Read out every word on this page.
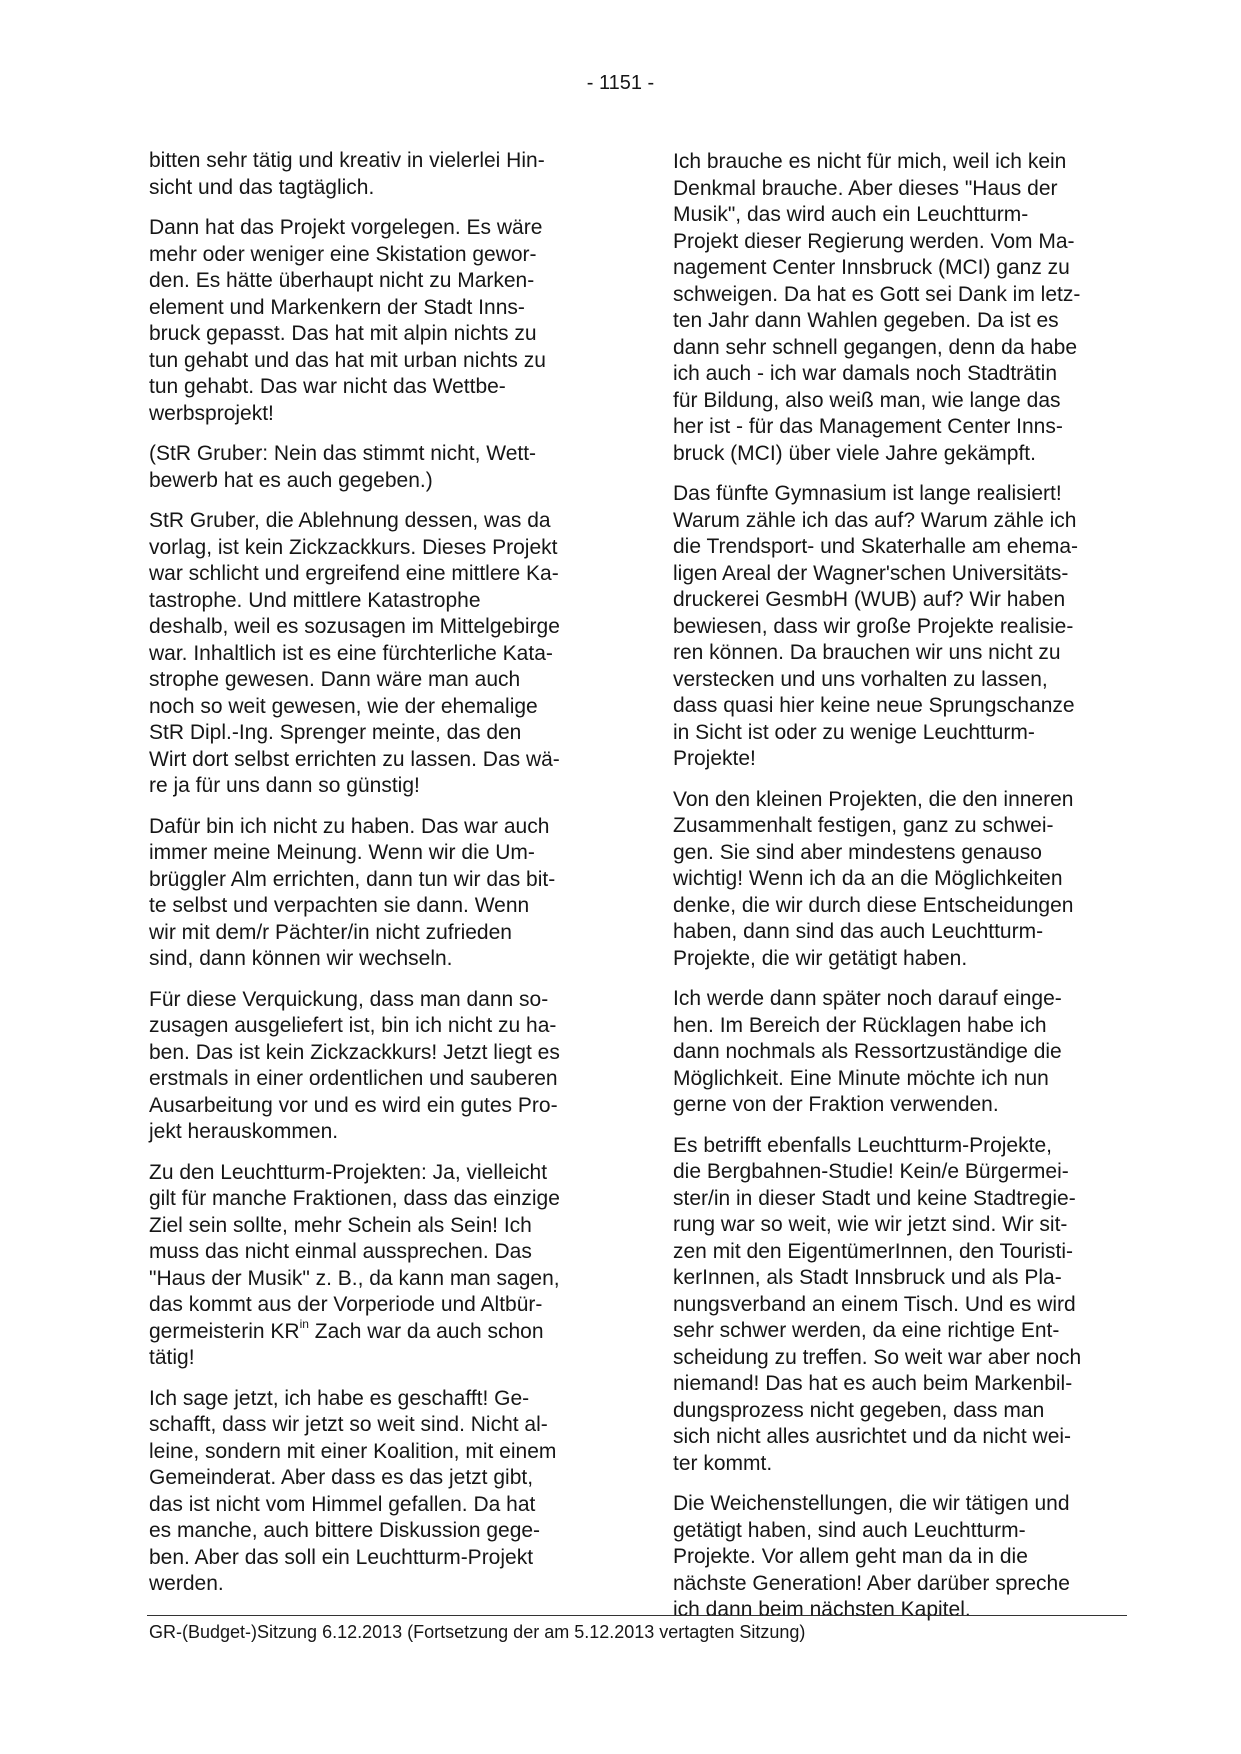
- 1151 -

bitten sehr tätig und kreativ in vielerlei Hin-
sicht und das tagtäglich.

Dann hat das Projekt vorgelegen. Es wäre
mehr oder weniger eine Skistation gewor-
den. Es hätte überhaupt nicht zu Marken-
element und Markenkern der Stadt Inns-
bruck gepasst. Das hat mit alpin nichts zu
tun gehabt und das hat mit urban nichts zu
tun gehabt. Das war nicht das Wettbe-
werbsprojekt!

(StR Gruber: Nein das stimmt nicht, Wett-
bewerb hat es auch gegeben.)

StR Gruber, die Ablehnung dessen, was da
vorlag, ist kein Zickzackkurs. Dieses Projekt
war schlicht und ergreifend eine mittlere Ka-
tastrophe. Und mittlere Katastrophe
deshalb, weil es sozusagen im Mittelgebirge
war. Inhaltlich ist es eine fürchterliche Kata-
strophe gewesen. Dann wäre man auch
noch so weit gewesen, wie der ehemalige
StR Dipl.-Ing. Sprenger meinte, das den
Wirt dort selbst errichten zu lassen. Das wä-
re ja für uns dann so günstig!

Dafür bin ich nicht zu haben. Das war auch
immer meine Meinung. Wenn wir die Um-
brüggler Alm errichten, dann tun wir das bit-
te selbst und verpachten sie dann. Wenn
wir mit dem/r Pächter/in nicht zufrieden
sind, dann können wir wechseln.

Für diese Verquickung, dass man dann so-
zusagen ausgeliefert ist, bin ich nicht zu ha-
ben. Das ist kein Zickzackkurs! Jetzt liegt es
erstmals in einer ordentlichen und sauberen
Ausarbeitung vor und es wird ein gutes Pro-
jekt herauskommen.

Zu den Leuchtturm-Projekten: Ja, vielleicht
gilt für manche Fraktionen, dass das einzige
Ziel sein sollte, mehr Schein als Sein! Ich
muss das nicht einmal aussprechen. Das
"Haus der Musik" z. B., da kann man sagen,
das kommt aus der Vorperiode und Altbür-
germeisterin $KR^{in}$ Zach war da auch schon
tätig!

Ich sage jetzt, ich habe es geschafft! Ge-
schafft, dass wir jetzt so weit sind. Nicht al-
leine, sondern mit einer Koalition, mit einem
Gemeinderat. Aber dass es das jetzt gibt,
das ist nicht vom Himmel gefallen. Da hat
es manche, auch bittere Diskussion gege-
ben. Aber das soll ein Leuchtturm-Projekt
werden.

Ich brauche es nicht für mich, weil ich kein
Denkmal brauche. Aber dieses "Haus der
Musik", das wird auch ein Leuchtturm-
Projekt dieser Regierung werden. Vom Ma-
nagement Center Innsbruck (MCI) ganz zu
schweigen. Da hat es Gott sei Dank im letz-
ten Jahr dann Wahlen gegeben. Da ist es
dann sehr schnell gegangen, denn da habe
ich auch - ich war damals noch Stadträtin
für Bildung, also weiß man, wie lange das
her ist - für das Management Center Inns-
bruck (MCI) über viele Jahre gekämpft.

Das fünfte Gymnasium ist lange realisiert!
Warum zähle ich das auf? Warum zähle ich
die Trendsport- und Skaterhalle am ehema-
ligen Areal der Wagner'schen Universitäts-
druckerei GesmbH (WUB) auf? Wir haben
bewiesen, dass wir große Projekte realisie-
ren können. Da brauchen wir uns nicht zu
verstecken und uns vorhalten zu lassen,
dass quasi hier keine neue Sprungschanze
in Sicht ist oder zu wenige Leuchtturm-
Projekte!

Von den kleinen Projekten, die den inneren
Zusammenhalt festigen, ganz zu schwei-
gen. Sie sind aber mindestens genauso
wichtig! Wenn ich da an die Möglichkeiten
denke, die wir durch diese Entscheidungen
haben, dann sind das auch Leuchtturm-
Projekte, die wir getätigt haben.

Ich werde dann später noch darauf einge-
hen. Im Bereich der Rücklagen habe ich
dann nochmals als Ressortzuständige die
Möglichkeit. Eine Minute möchte ich nun
gerne von der Fraktion verwenden.

Es betrifft ebenfalls Leuchtturm-Projekte,
die Bergbahnen-Studie! Kein/e Bürgermei-
ster/in in dieser Stadt und keine Stadtregie-
rung war so weit, wie wir jetzt sind. Wir sit-
zen mit den EigentümerInnen, den Touristi-
kerInnen, als Stadt Innsbruck und als Pla-
nungsverband an einem Tisch. Und es wird
sehr schwer werden, da eine richtige Ent-
scheidung zu treffen. So weit war aber noch
niemand! Das hat es auch beim Markenbil-
dungsprozess nicht gegeben, dass man
sich nicht alles ausrichtet und da nicht wei-
ter kommt.

Die Weichenstellungen, die wir tätigen und
getätigt haben, sind auch Leuchtturm-
Projekte. Vor allem geht man da in die
nächste Generation! Aber darüber spreche
ich dann beim nächsten Kapitel.

GR-(Budget-)Sitzung 6.12.2013 (Fortsetzung der am 5.12.2013 vertagten Sitzung)
